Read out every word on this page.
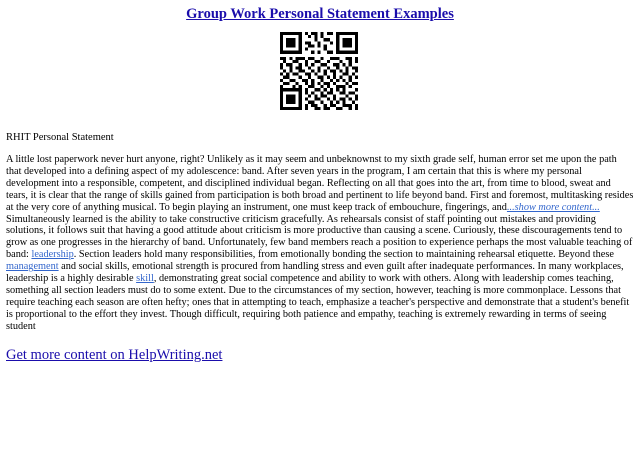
Group Work Personal Statement Examples
RHIT Personal Statement
A little lost paperwork never hurt anyone, right? Unlikely as it may seem and unbeknownst to my sixth grade self, human error set me upon the path
that developed into a defining aspect of my adolescence: band. After seven years in the program, I am certain that this is where my personal
development into a responsible, competent, and disciplined individual began. Reflecting on all that goes into the art, from time to blood, sweat and
tears, it is clear that the range of skills gained from participation is both broad and pertinent to life beyond band. First and foremost, multitasking resides
at the very core of anything musical. To begin playing an instrument, one must keep track of embouchure, fingerings, and...show more content...
Simultaneously learned is the ability to take constructive criticism gracefully. As rehearsals consist of staff pointing out mistakes and providing
solutions, it follows suit that having a good attitude about criticism is more productive than causing a scene. Curiously, these discouragements tend to
grow as one progresses in the hierarchy of band. Unfortunately, few band members reach a position to experience perhaps the most valuable teaching of
band: leadership. Section leaders hold many responsibilities, from emotionally bonding the section to maintaining rehearsal etiquette. Beyond these
management and social skills, emotional strength is procured from handling stress and even guilt after inadequate performances. In many workplaces,
leadership is a highly desirable skill, demonstrating great social competence and ability to work with others. Along with leadership comes teaching,
something all section leaders must do to some extent. Due to the circumstances of my section, however, teaching is more commonplace. Lessons that
require teaching each season are often hefty; ones that in attempting to teach, emphasize a teacher's perspective and demonstrate that a student's benefit
is proportional to the effort they invest. Though difficult, requiring both patience and empathy, teaching is extremely rewarding in terms of seeing
student
Get more content on HelpWriting.net
